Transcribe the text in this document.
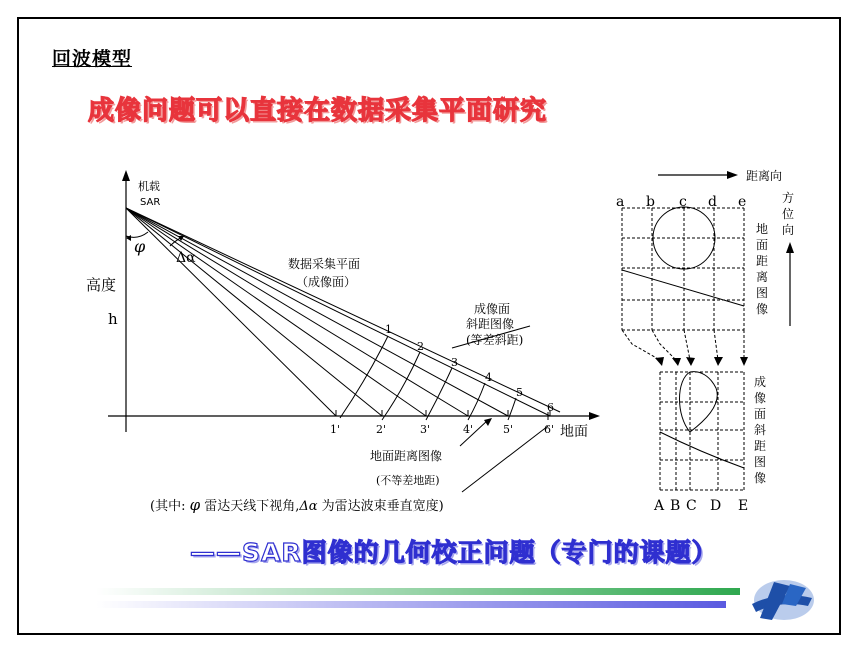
回波模型
成像问题可以直接在数据采集平面研究
——SAR图像的几何校正问题（专门的课题）
机载
SAR
φ
Δα
高度
h
数据采集平面
（成像面）
成像面
斜距图像
(等差斜距)
地面
地面距离图像
(不等差地距)
1
2
3
4
5
6
1'	2'	3'	4'	5'	6'
(其中: φ 雷达天线下视角,Δα 为雷达波束垂直宽度)
距离向
方
位
向
a b c d e
地
面
距
离
图
像
A B C D E
成
像
面
斜
距
图
像
